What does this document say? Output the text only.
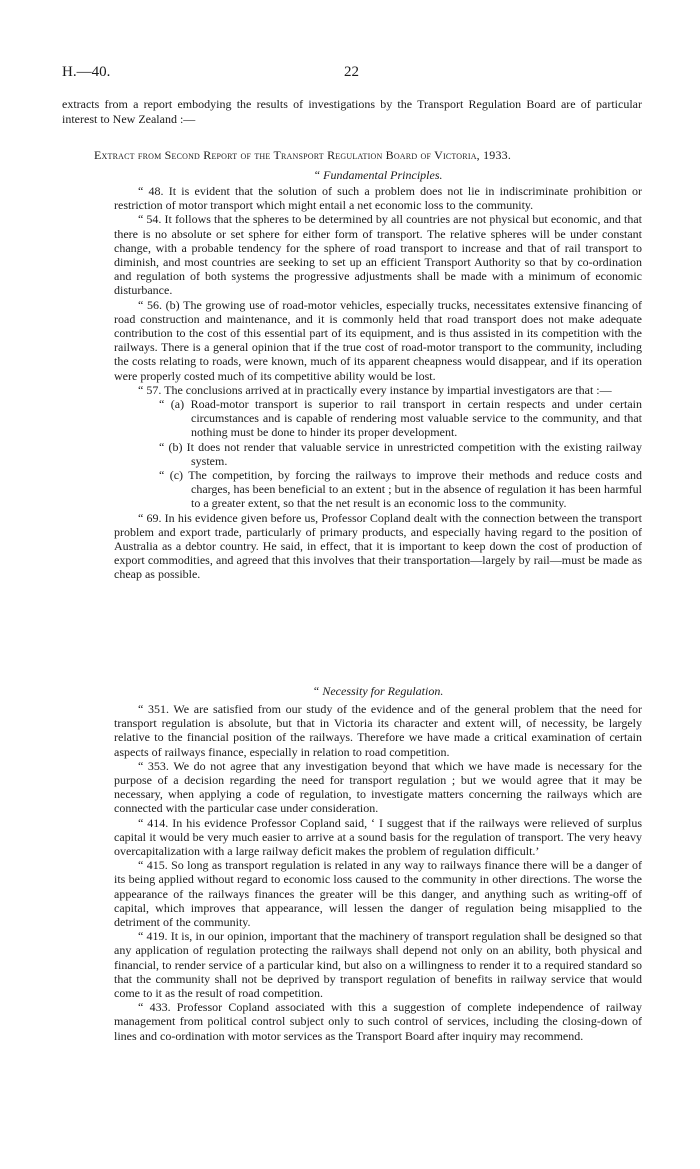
H.—40.	22
extracts from a report embodying the results of investigations by the Transport Regulation Board are of particular interest to New Zealand :—
Extract from Second Report of the Transport Regulation Board of Victoria, 1933.
“ Fundamental Principles.

“ 48. It is evident that the solution of such a problem does not lie in indiscriminate prohibition or restriction of motor transport which might entail a net economic loss to the community.

“ 54. It follows that the spheres to be determined by all countries are not physical but economic, and that there is no absolute or set sphere for either form of transport. The relative spheres will be under constant change, with a probable tendency for the sphere of road transport to increase and that of rail transport to diminish, and most countries are seeking to set up an efficient Transport Authority so that by co-ordination and regulation of both systems the progressive adjustments shall be made with a minimum of economic disturbance.

“ 56. (b) The growing use of road-motor vehicles, especially trucks, necessitates extensive financing of road construction and maintenance, and it is commonly held that road transport does not make adequate contribution to the cost of this essential part of its equipment, and is thus assisted in its competition with the railways. There is a general opinion that if the true cost of road-motor transport to the community, including the costs relating to roads, were known, much of its apparent cheapness would disappear, and if its operation were properly costed much of its competitive ability would be lost.

“ 57. The conclusions arrived at in practically every instance by impartial investigators are that :—

“ (a) Road-motor transport is superior to rail transport in certain respects and under certain circumstances and is capable of rendering most valuable service to the community, and that nothing must be done to hinder its proper development.

“ (b) It does not render that valuable service in unrestricted competition with the existing railway system.

“ (c) The competition, by forcing the railways to improve their methods and reduce costs and charges, has been beneficial to an extent ; but in the absence of regulation it has been harmful to a greater extent, so that the net result is an economic loss to the community.

“ 69. In his evidence given before us, Professor Copland dealt with the connection between the transport problem and export trade, particularly of primary products, and especially having regard to the position of Australia as a debtor country. He said, in effect, that it is important to keep down the cost of production of export commodities, and agreed that this involves that their transportation—largely by rail—must be made as cheap as possible.

“ Necessity for Regulation.

“ 351. We are satisfied from our study of the evidence and of the general problem that the need for transport regulation is absolute, but that in Victoria its character and extent will, of necessity, be largely relative to the financial position of the railways. Therefore we have made a critical examination of certain aspects of railways finance, especially in relation to road competition.

“ 353. We do not agree that any investigation beyond that which we have made is necessary for the purpose of a decision regarding the need for transport regulation ; but we would agree that it may be necessary, when applying a code of regulation, to investigate matters concerning the railways which are connected with the particular case under consideration.

“ 414. In his evidence Professor Copland said, ‘ I suggest that if the railways were relieved of surplus capital it would be very much easier to arrive at a sound basis for the regulation of transport. The very heavy overcapitalization with a large railway deficit makes the problem of regulation difficult.’

“ 415. So long as transport regulation is related in any way to railways finance there will be a danger of its being applied without regard to economic loss caused to the community in other directions. The worse the appearance of the railways finances the greater will be this danger, and anything such as writing-off of capital, which improves that appearance, will lessen the danger of regulation being misapplied to the detriment of the community.

“ 419. It is, in our opinion, important that the machinery of transport regulation shall be designed so that any application of regulation protecting the railways shall depend not only on an ability, both physical and financial, to render service of a particular kind, but also on a willingness to render it to a required standard so that the community shall not be deprived by transport regulation of benefits in railway service that would come to it as the result of road competition.

“ 433. Professor Copland associated with this a suggestion of complete independence of railway management from political control subject only to such control of services, including the closing-down of lines and co-ordination with motor services as the Transport Board after inquiry may recommend.
